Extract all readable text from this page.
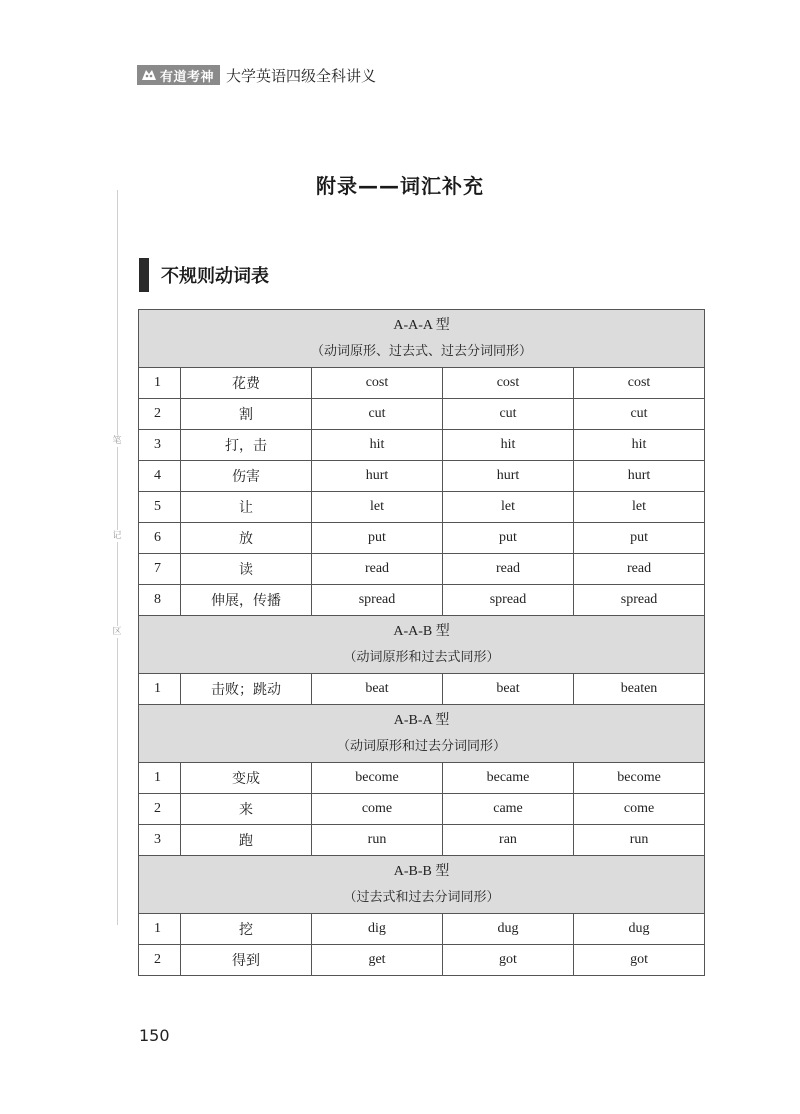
有道考神 大学英语四级全科讲义
笔
记
区
附录——词汇补充
不规则动词表
A-A-A 型
（动词原形、过去式、过去分词同形）				

1	花费	cost	cost	cost
2	割	cut	cut	cut
3	打，击	hit	hit	hit
4	伤害	hurt	hurt	hurt
5	让	let	let	let
6	放	put	put	put
7	读	read	read	read
8	伸展，传播	spread	spread	spread

A-A-B 型
（动词原形和过去式同形）				

1	击败；跳动	beat	beat	beaten

A-B-A 型
（动词原形和过去分词同形）				

1	变成	become	became	become
2	来	come	came	come
3	跑	run	ran	run

A-B-B 型
（过去式和过去分词同形）				

1	挖	dig	dug	dug
2	得到	get	got	got
150
